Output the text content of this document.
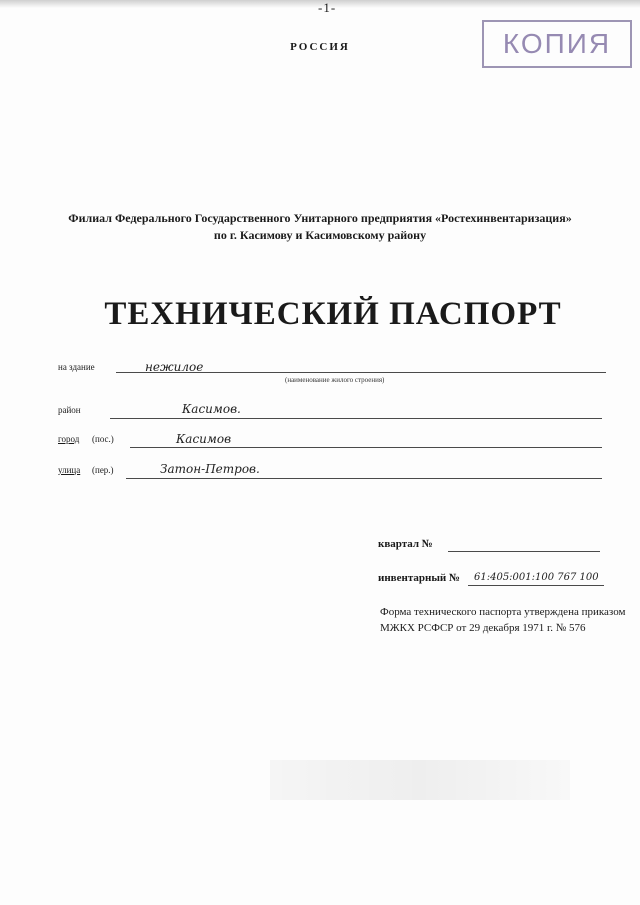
-1-
РОССИЯ	КОПИЯ
Филиал Федерального Государственного Унитарного предприятия «Ростехинвентаризация»
по г. Касимову и Касимовскому району
ТЕХНИЧЕСКИЙ ПАСПОРТ
на здание	нежилое
(наименование жилого строения)
район	Касимов.
город (пос.)	Касимов
улица (пер.)	Затон-Петров.
квартал №
инвентарный № 61:405:001:100 767 100
Форма технического паспорта утверждена приказом МЖКХ РСФСР от 29 декабря 1971 г. № 576
